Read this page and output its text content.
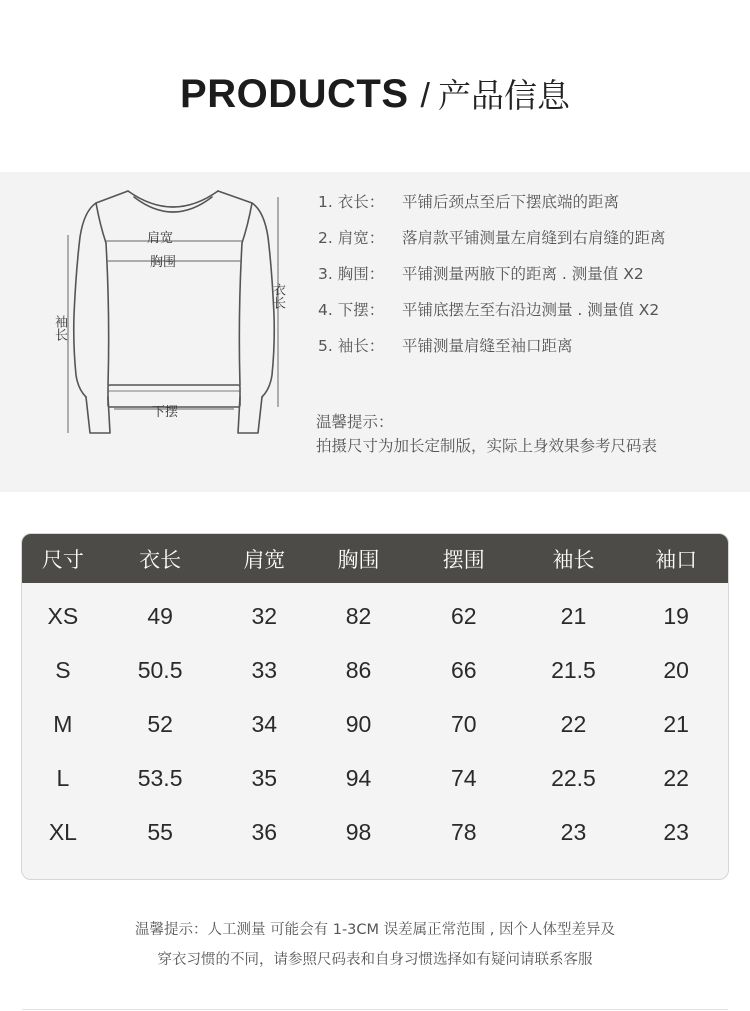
PRODUCTS / 产品信息
肩宽
胸围
衣长
袖长
下摆
1. 衣长：	平铺后颈点至后下摆底端的距离
2. 肩宽：	落肩款平铺测量左肩缝到右肩缝的距离
3. 胸围：	平铺测量两腋下的距离 . 测量值 X2
4. 下摆：	平铺底摆左至右沿边测量 . 测量值 X2
5. 袖长：	平铺测量肩缝至袖口距离
温馨提示：
拍摄尺寸为加长定制版，实际上身效果参考尺码表
尺寸	衣长	肩宽	胸围	摆围	袖长	袖口
XS	49	32	82	62	21	19
S	50.5	33	86	66	21.5	20
M	52	34	90	70	22	21
L	53.5	35	94	74	22.5	22
XL	55	36	98	78	23	23
温馨提示：人工测量 可能会有 1-3CM 误差属正常范围 , 因个人体型差异及
穿衣习惯的不同，请参照尺码表和自身习惯选择如有疑问请联系客服
